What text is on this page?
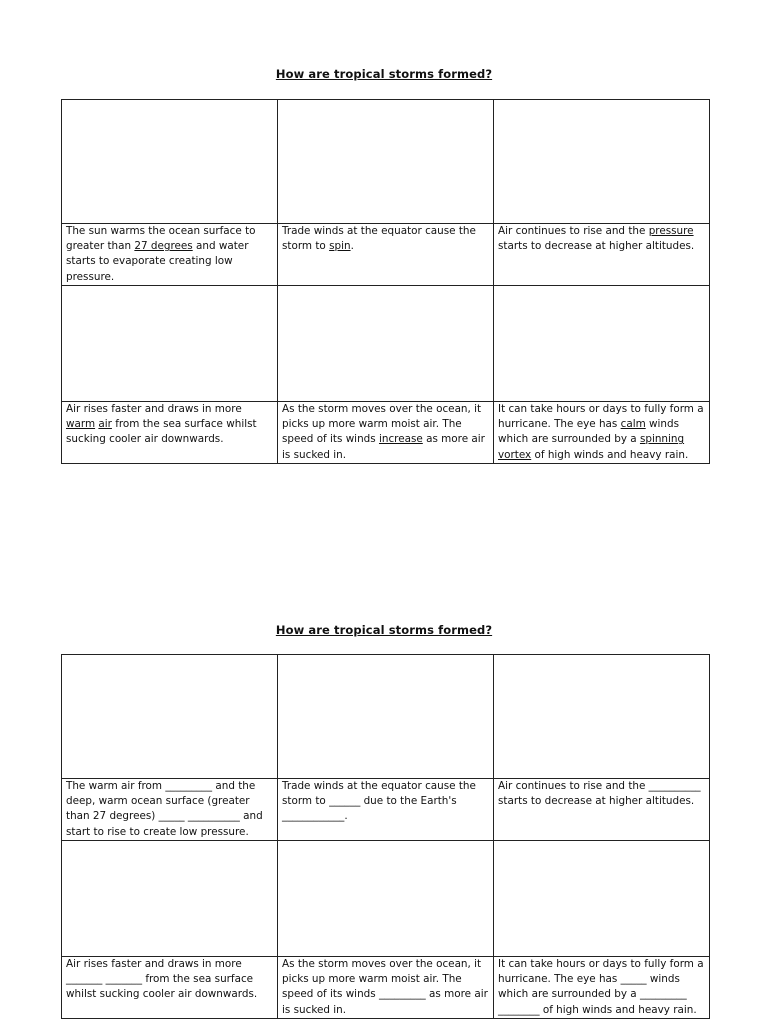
How are tropical storms formed?

The sun warms the ocean surface to greater than 27 degrees and water starts to evaporate creating low pressure.	Trade winds at the equator cause the storm to spin.	Air continues to rise and the pressure starts to decrease at higher altitudes.

Air rises faster and draws in more warm air from the sea surface whilst sucking cooler air downwards.	As the storm moves over the ocean, it picks up more warm moist air. The speed of its winds increase as more air is sucked in.	It can take hours or days to fully form a hurricane. The eye has calm winds which are surrounded by a spinning vortex of high winds and heavy rain.
How are tropical storms formed?

The warm air from _________ and the deep, warm ocean surface (greater than 27 degrees) _____ __________ and start to rise to create low pressure.	Trade winds at the equator cause the storm to ______ due to the Earth's ____________.	Air continues to rise and the __________ starts to decrease at higher altitudes.

Air rises faster and draws in more _______ _______ from the sea surface whilst sucking cooler air downwards.	As the storm moves over the ocean, it picks up more warm moist air. The speed of its winds _________ as more air is sucked in.	It can take hours or days to fully form a hurricane. The eye has _____ winds which are surrounded by a _________ ________ of high winds and heavy rain.
